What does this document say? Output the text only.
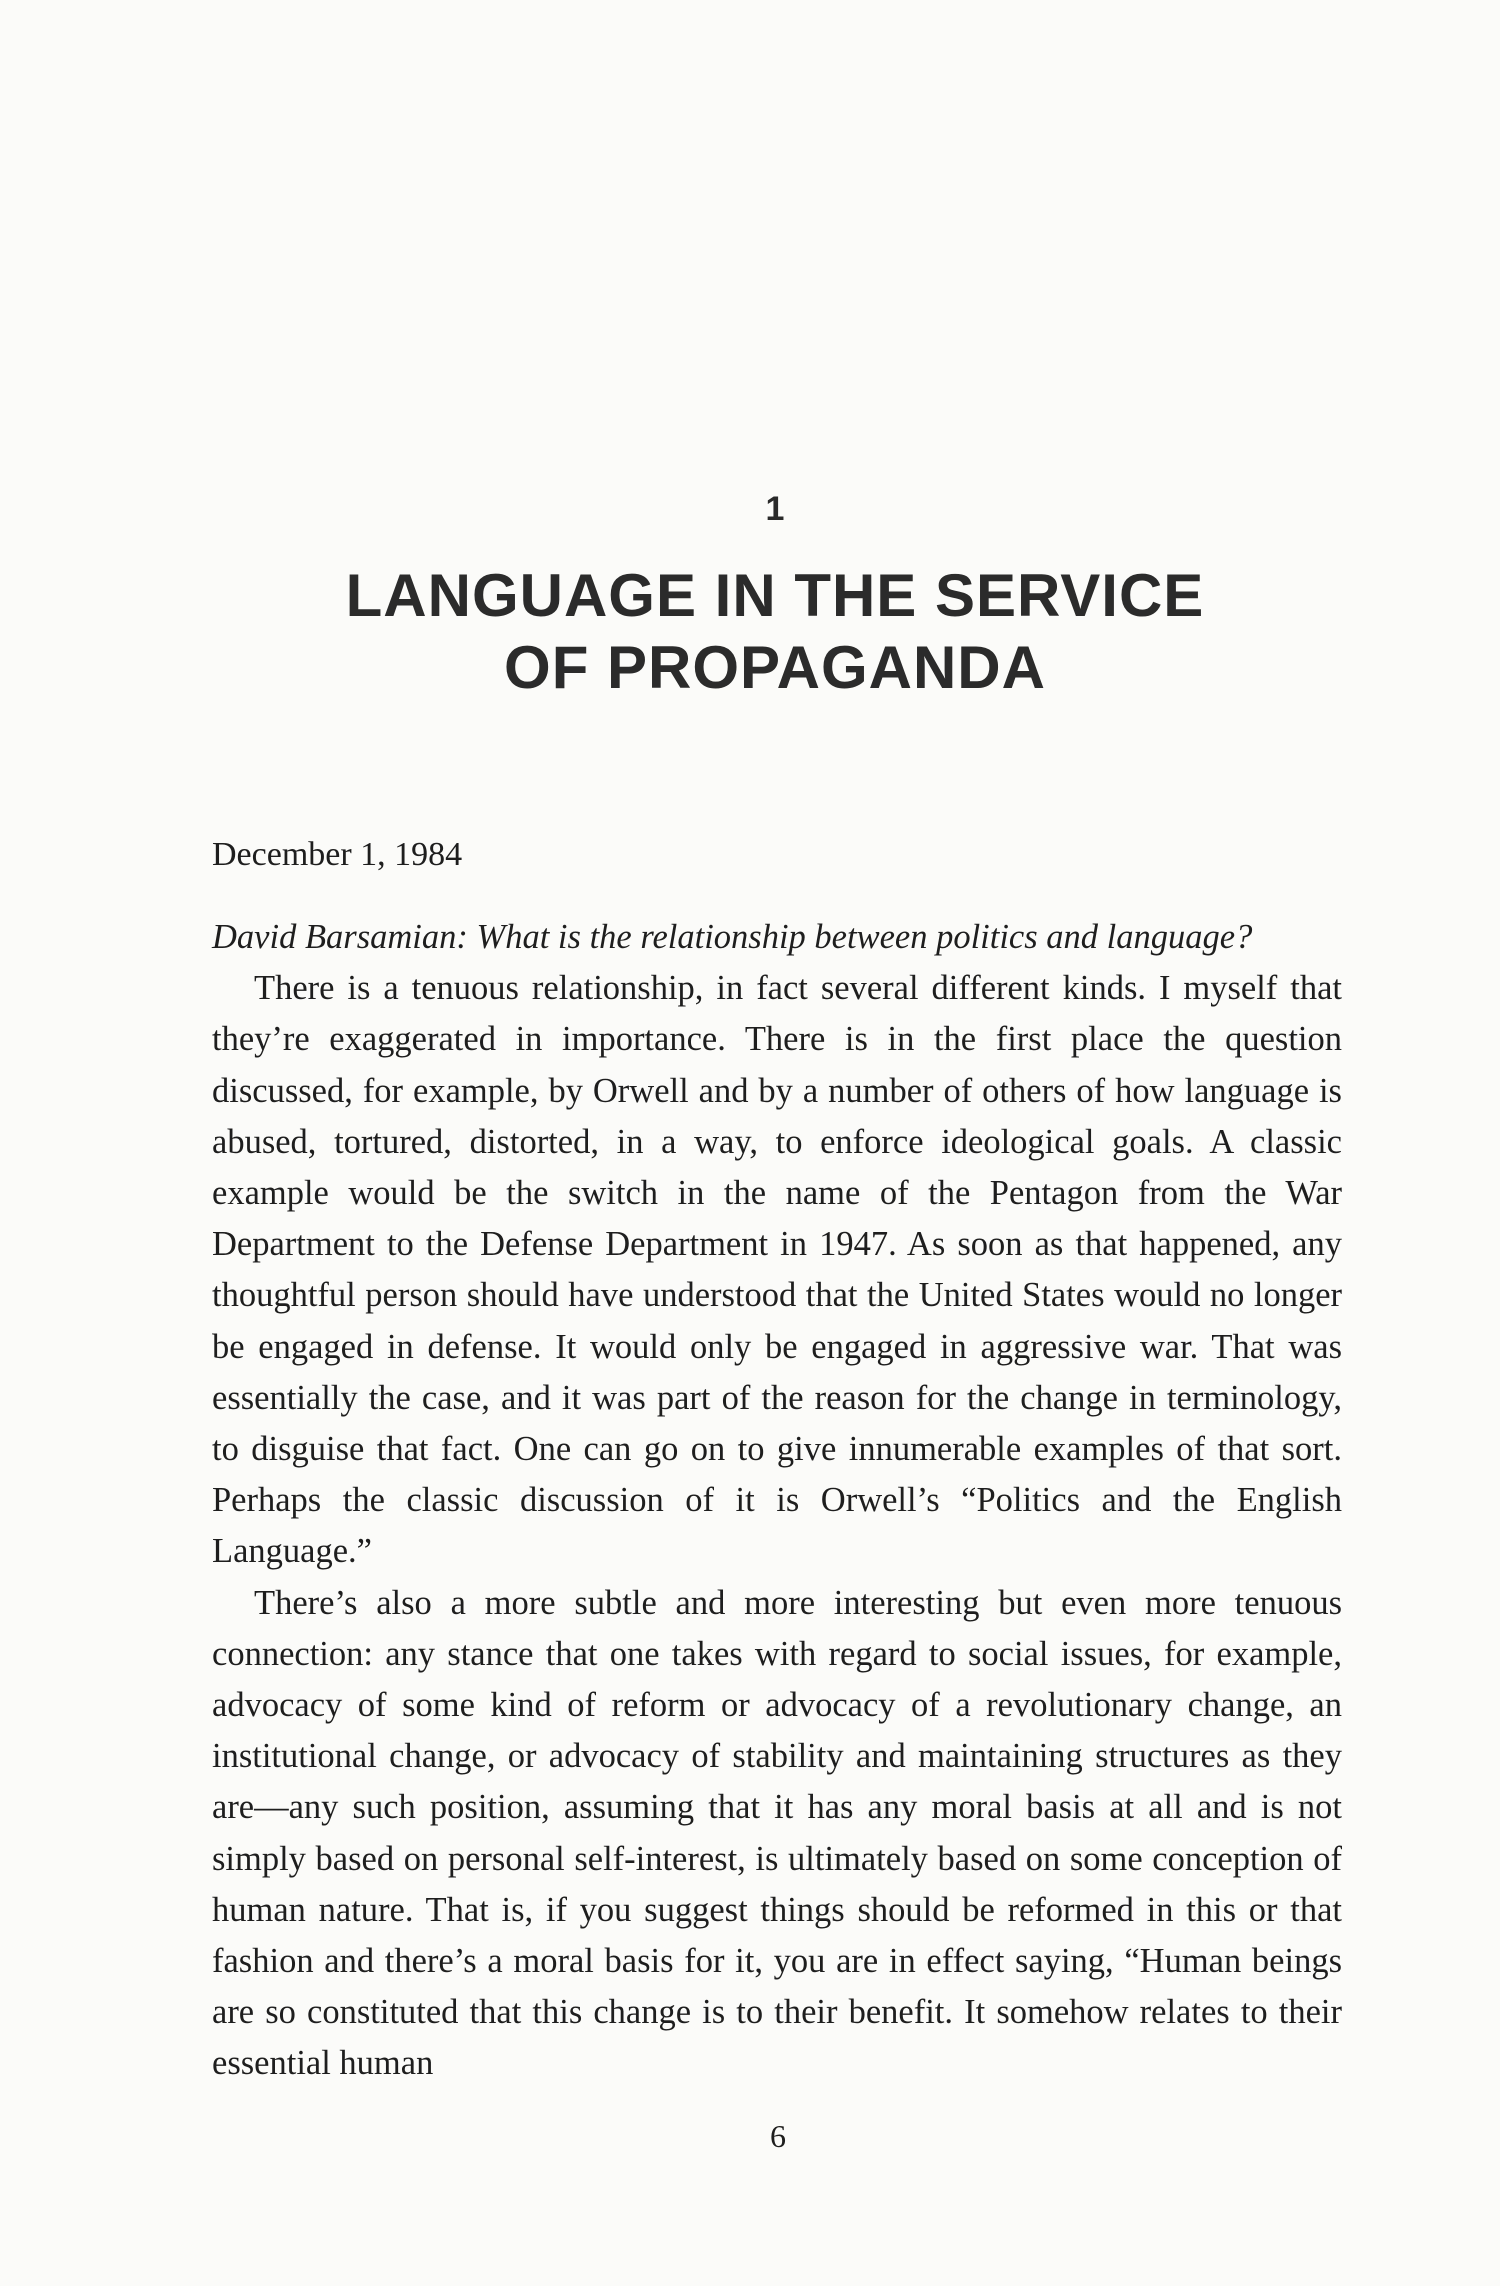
1
LANGUAGE IN THE SERVICE
OF PROPAGANDA
December 1, 1984

David Barsamian: What is the relationship between politics and language?

There is a tenuous relationship, in fact several different kinds. I myself that they’re exaggerated in importance. There is in the first place the question discussed, for example, by Orwell and by a number of others of how language is abused, tortured, distorted, in a way, to enforce ideological goals. A classic example would be the switch in the name of the Pentagon from the War Department to the Defense Department in 1947. As soon as that happened, any thoughtful person should have understood that the United States would no longer be engaged in defense. It would only be engaged in aggressive war. That was essentially the case, and it was part of the reason for the change in terminology, to disguise that fact. One can go on to give innumerable examples of that sort. Perhaps the classic discussion of it is Orwell’s “Politics and the English Language.”

There’s also a more subtle and more interesting but even more tenuous connection: any stance that one takes with regard to social issues, for example, advocacy of some kind of reform or advocacy of a revolutionary change, an institutional change, or advocacy of stability and maintaining structures as they are—any such position, assuming that it has any moral basis at all and is not simply based on personal self-interest, is ultimately based on some conception of human nature. That is, if you suggest things should be reformed in this or that fashion and there’s a moral basis for it, you are in effect saying, “Human beings are so constituted that this change is to their benefit. It somehow relates to their essential human

6
